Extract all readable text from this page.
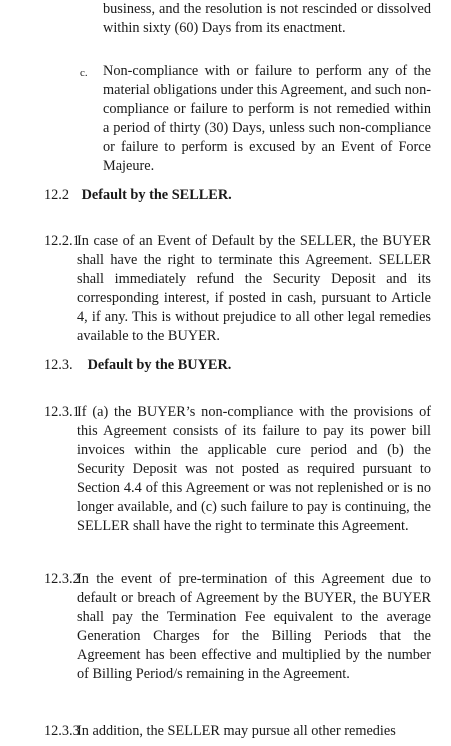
business, and the resolution is not rescinded or dissolved within sixty (60) Days from its enactment.

c.	Non-compliance with or failure to perform any of the material obligations under this Agreement, and such non-compliance or failure to perform is not remedied within a period of thirty (30) Days, unless such non-compliance or failure to perform is excused by an Event of Force Majeure.
12.2 Default by the SELLER.
12.2.1
In case of an Event of Default by the SELLER, the BUYER shall have the right to terminate this Agreement. SELLER shall immediately refund the Security Deposit and its corresponding interest, if posted in cash, pursuant to Article 4, if any. This is without prejudice to all other legal remedies available to the BUYER.
12.3. Default by the BUYER.
12.3.1
If (a) the BUYER’s non-compliance with the provisions of this Agreement consists of its failure to pay its power bill invoices within the applicable cure period and (b) the Security Deposit was not posted as required pursuant to Section 4.4 of this Agreement or was not replenished or is no longer available, and (c) such failure to pay is continuing, the SELLER shall have the right to terminate this Agreement.
12.3.2
In the event of pre-termination of this Agreement due to default or breach of Agreement by the BUYER, the BUYER shall pay the Termination Fee equivalent to the average Generation Charges for the Billing Periods that the Agreement has been effective and multiplied by the number of Billing Period/s remaining in the Agreement.
12.3.3
In addition, the SELLER may pursue all other remedies
